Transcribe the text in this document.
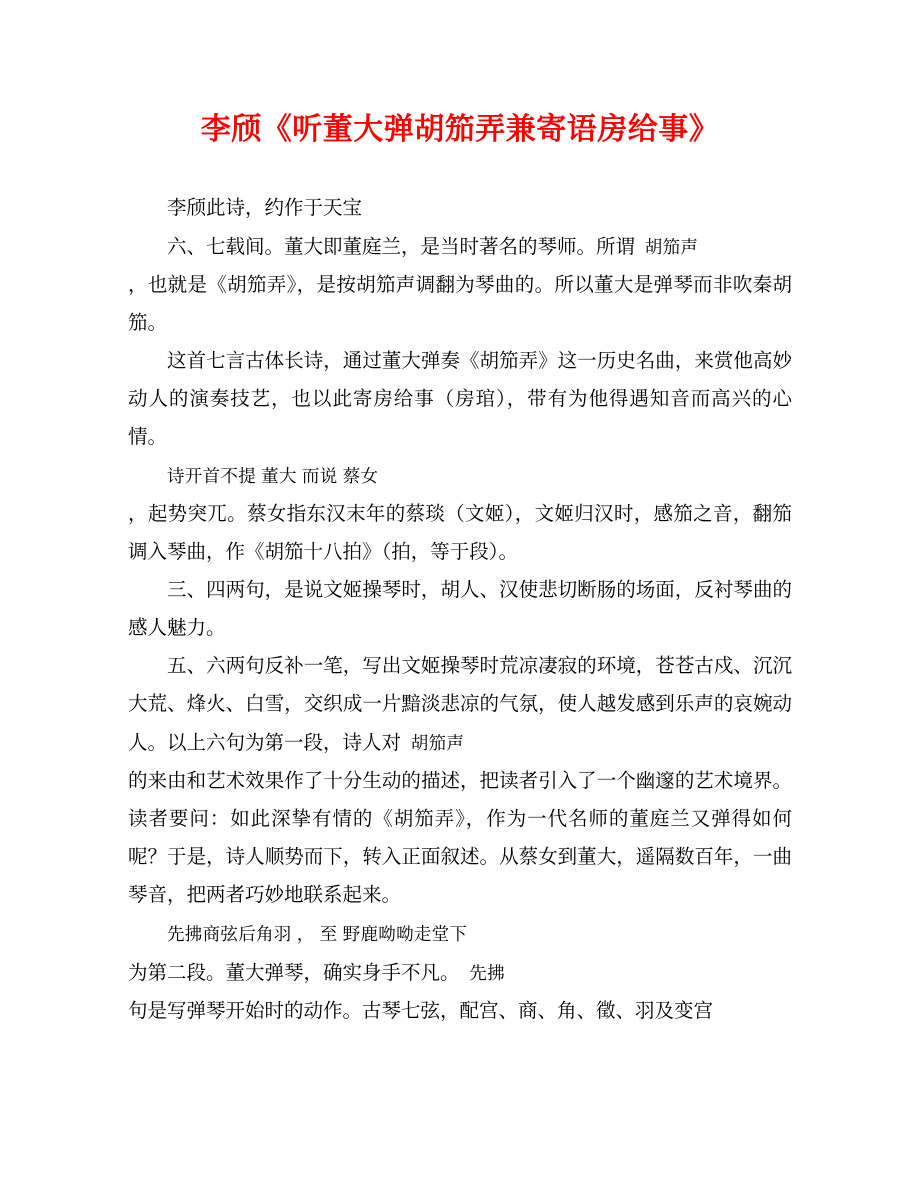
李颀《听董大弹胡笳弄兼寄语房给事》

李颀此诗，约作于天宝

六、七载间。董大即董庭兰，是当时著名的琴师。所谓 胡笳声

，也就是《胡笳弄》，是按胡笳声调翻为琴曲的。所以董大是弹琴而非吹秦胡笳。

这首七言古体长诗，通过董大弹奏《胡笳弄》这一历史名曲，来赏他高妙动人的演奏技艺，也以此寄房给事（房琯），带有为他得遇知音而高兴的心情。

诗开首不提 董大 而说 蔡女

，起势突兀。蔡女指东汉末年的蔡琰（文姬），文姬归汉时，感笳之音，翻笳调入琴曲，作《胡笳十八拍》（拍，等于段）。

三、四两句，是说文姬操琴时，胡人、汉使悲切断肠的场面，反衬琴曲的感人魅力。

五、六两句反补一笔，写出文姬操琴时荒凉凄寂的环境，苍苍古戍、沉沉大荒、烽火、白雪，交织成一片黯淡悲凉的气氛，使人越发感到乐声的哀婉动人。以上六句为第一段，诗人对 胡笳声

的来由和艺术效果作了十分生动的描述，把读者引入了一个幽邃的艺术境界。读者要问：如此深挚有情的《胡笳弄》，作为一代名师的董庭兰又弹得如何呢？于是，诗人顺势而下，转入正面叙述。从蔡女到董大，遥隔数百年，一曲琴音，把两者巧妙地联系起来。

先拂商弦后角羽 ， 至 野鹿呦呦走堂下

为第二段。董大弹琴，确实身手不凡。 先拂

句是写弹琴开始时的动作。古琴七弦，配宫、商、角、徵、羽及变宫
